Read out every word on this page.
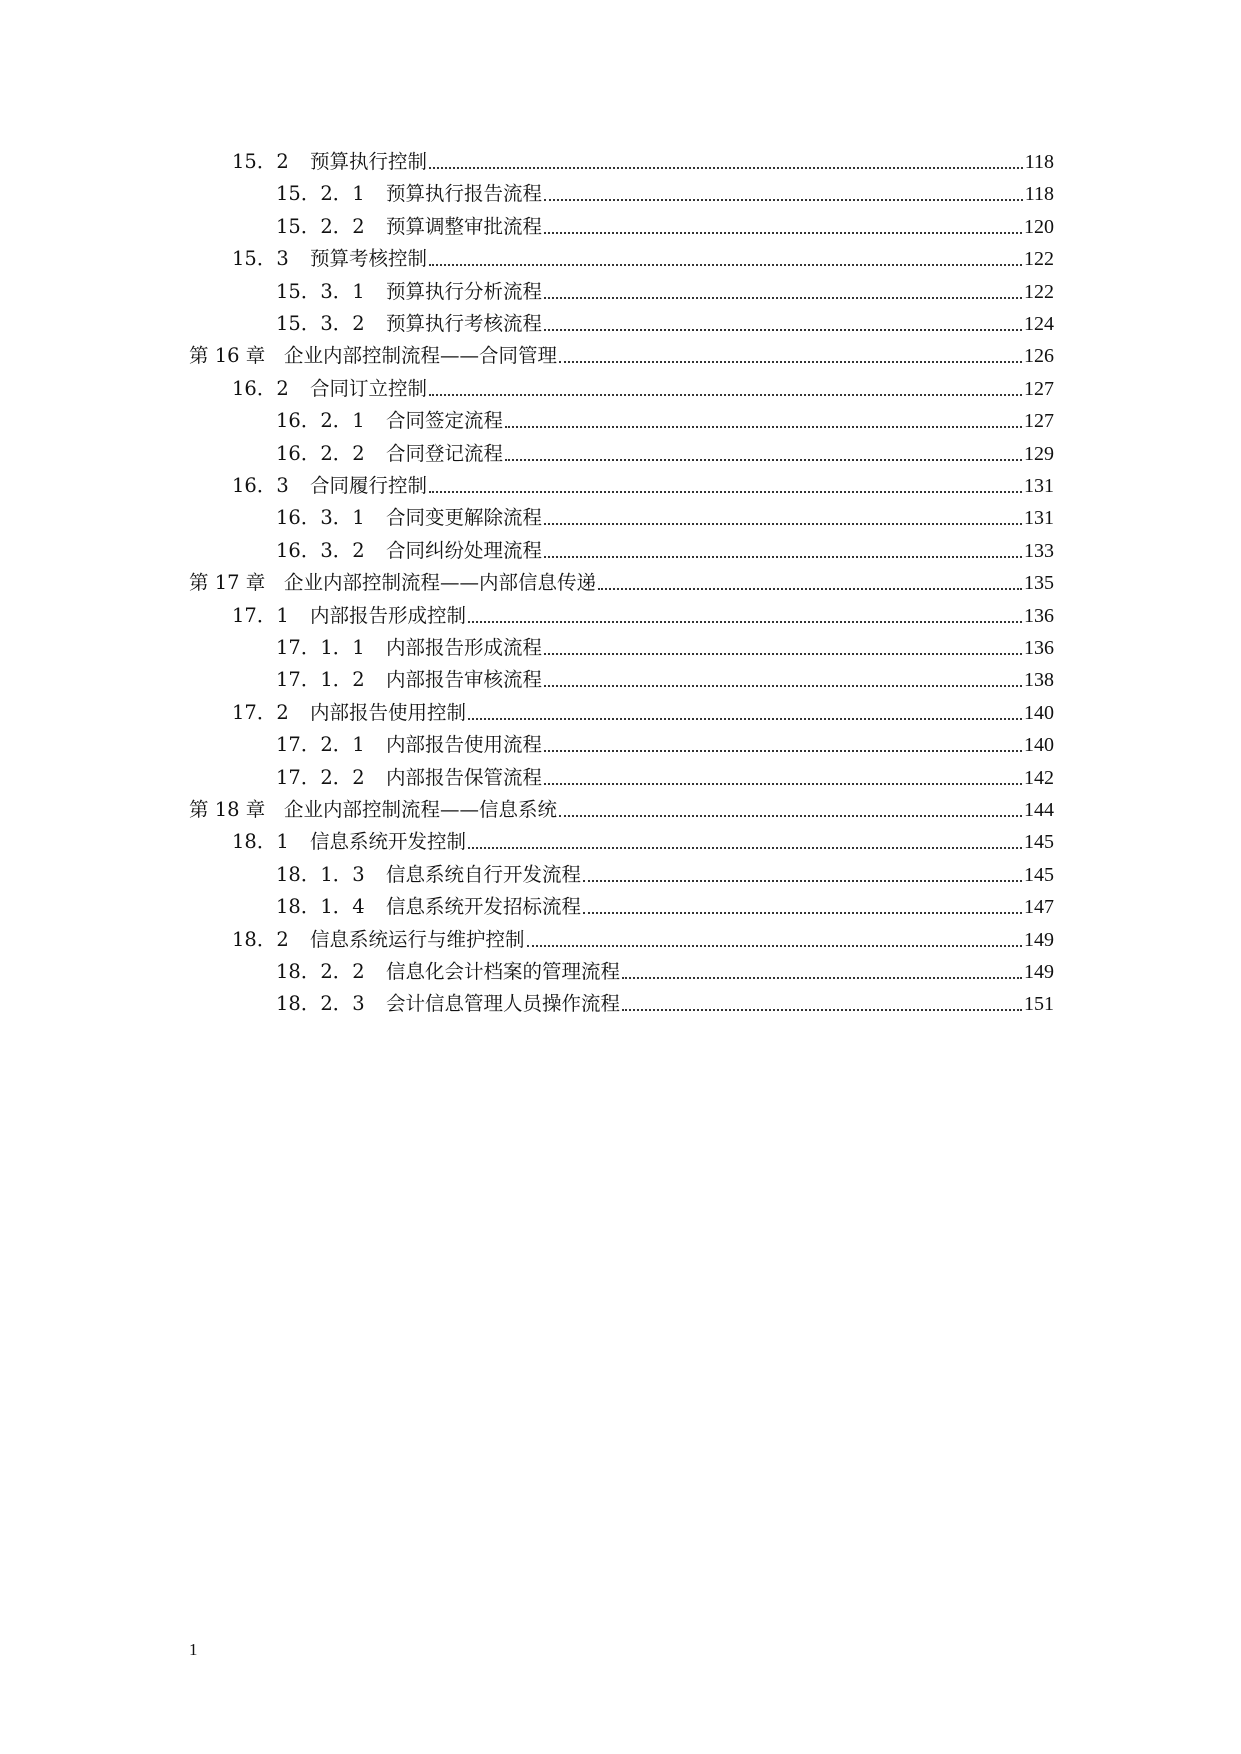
15．2	预算执行控制	118
15．2．1	预算执行报告流程	118
15．2．2	预算调整审批流程	120
15．3	预算考核控制	122
15．3．1	预算执行分析流程	122
15．3．2	预算执行考核流程	124
第 16 章 企业内部控制流程——合同管理	126
16．2	合同订立控制	127
16．2．1	合同签定流程	127
16．2．2	合同登记流程	129
16．3	合同履行控制	131
16．3．1	合同变更解除流程	131
16．3．2	合同纠纷处理流程	133
第 17 章 企业内部控制流程——内部信息传递	135
17．1	内部报告形成控制	136
17．1．1	内部报告形成流程	136
17．1．2	内部报告审核流程	138
17．2	内部报告使用控制	140
17．2．1	内部报告使用流程	140
17．2．2	内部报告保管流程	142
第 18 章 企业内部控制流程——信息系统	144
18．1	信息系统开发控制	145
18．1．3	信息系统自行开发流程	145
18．1．4	信息系统开发招标流程	147
18．2	信息系统运行与维护控制	149
18．2．2	信息化会计档案的管理流程	149
18．2．3	会计信息管理人员操作流程	151
1
